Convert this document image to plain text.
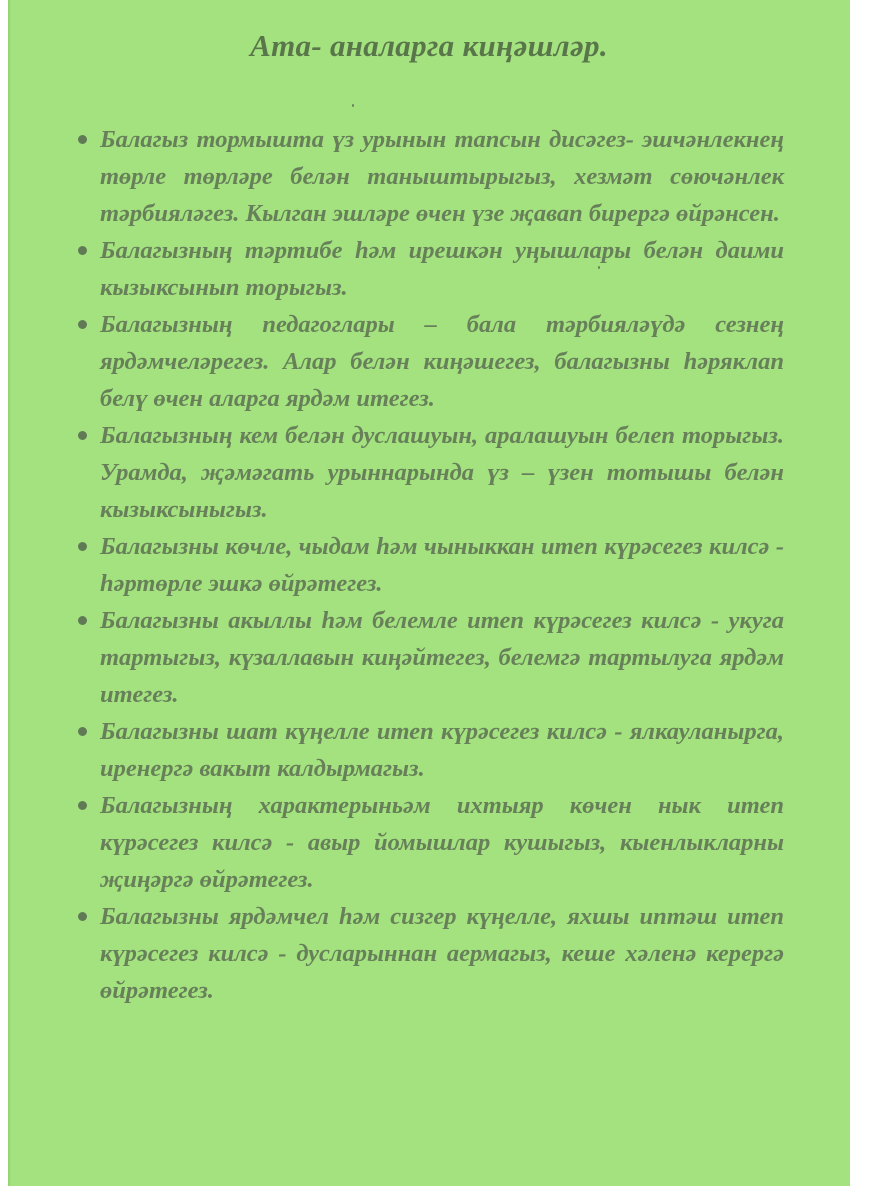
Ата- аналарга киңәшләр.
Балагыз тормышта үз урынын тапсын дисәгез- эшчәнлекнең төрле төрләре белән таныштырыгыз, хезмәт сөючәнлек тәрбияләгез. Кылган эшләре өчен үзе җавап бирергә өйрәнсен.
Балагызның тәртибе һәм ирешкән уңышлары белән даими кызыксынып торыгыз.
Балагызның педагоглары – бала тәрбияләүдә сезнең ярдәмчеләрегез. Алар белән киңәшегез, балагызны һәряклап белү өчен аларга ярдәм итегез.
Балагызның кем белән дуслашуын, аралашуын белеп торыгыз. Урамда, җәмәгать урыннарында үз – үзен тотышы белән кызыксыныгыз.
Балагызны көчле, чыдам һәм чыныккан итеп күрәсегез килсә - һәртөрле эшкә өйрәтегез.
Балагызны акыллы һәм белемле итеп күрәсегез килсә - укуга тартыгыз, күзаллавын киңәйтегез, белемгә тартылуга ярдәм итегез.
Балагызны шат күңелле итеп күрәсегез килсә - ялкауланырга, иренергә вакыт калдырмагыз.
Балагызның характерыньәм ихтыяр көчен нык итеп күрәсегез килсә - авыр йомышлар кушыгыз, кыенлыкларны җиңәргә өйрәтегез.
Балагызны ярдәмчел һәм сизгер күңелле, яхшы иптәш итеп күрәсегез килсә - дусларыннан аермагыз, кеше хәленә керергә өйрәтегез.
